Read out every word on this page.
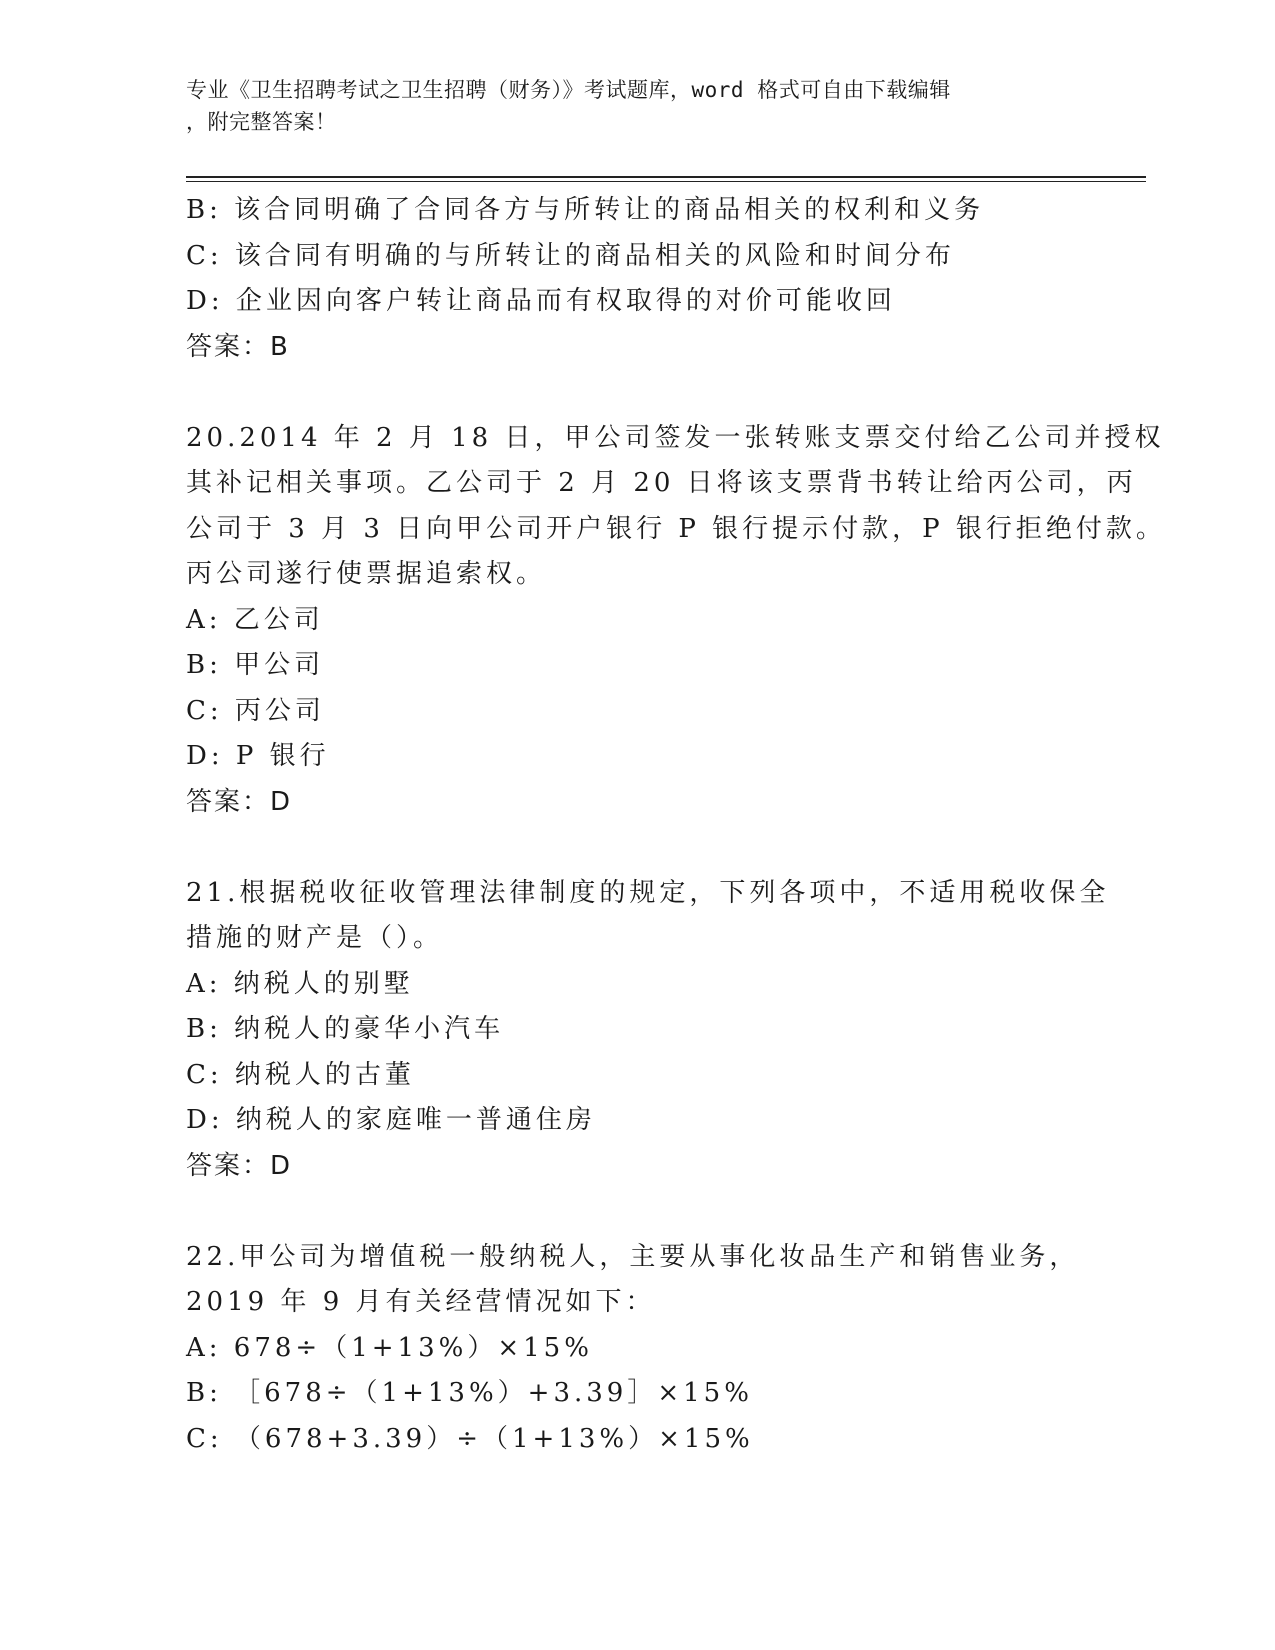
专业《卫生招聘考试之卫生招聘（财务）》考试题库，word 格式可自由下载编辑
，附完整答案！
B: 该合同明确了合同各方与所转让的商品相关的权利和义务
C: 该合同有明确的与所转让的商品相关的风险和时间分布
D: 企业因向客户转让商品而有权取得的对价可能收回
答案：B
20.2014 年 2 月 18 日，甲公司签发一张转账支票交付给乙公司并授权
其补记相关事项。乙公司于 2 月 20 日将该支票背书转让给丙公司，丙
公司于 3 月 3 日向甲公司开户银行 P 银行提示付款，P 银行拒绝付款。
丙公司遂行使票据追索权。
A: 乙公司
B: 甲公司
C: 丙公司
D: P 银行
答案：D
21.根据税收征收管理法律制度的规定，下列各项中，不适用税收保全
措施的财产是（）。
A: 纳税人的别墅
B: 纳税人的豪华小汽车
C: 纳税人的古董
D: 纳税人的家庭唯一普通住房
答案：D
22.甲公司为增值税一般纳税人，主要从事化妆品生产和销售业务，
2019 年 9 月有关经营情况如下：
A: 678÷（1+13%）×15%
B: ［678÷（1+13%）+3.39］×15%
C: （678+3.39）÷（1+13%）×15%
